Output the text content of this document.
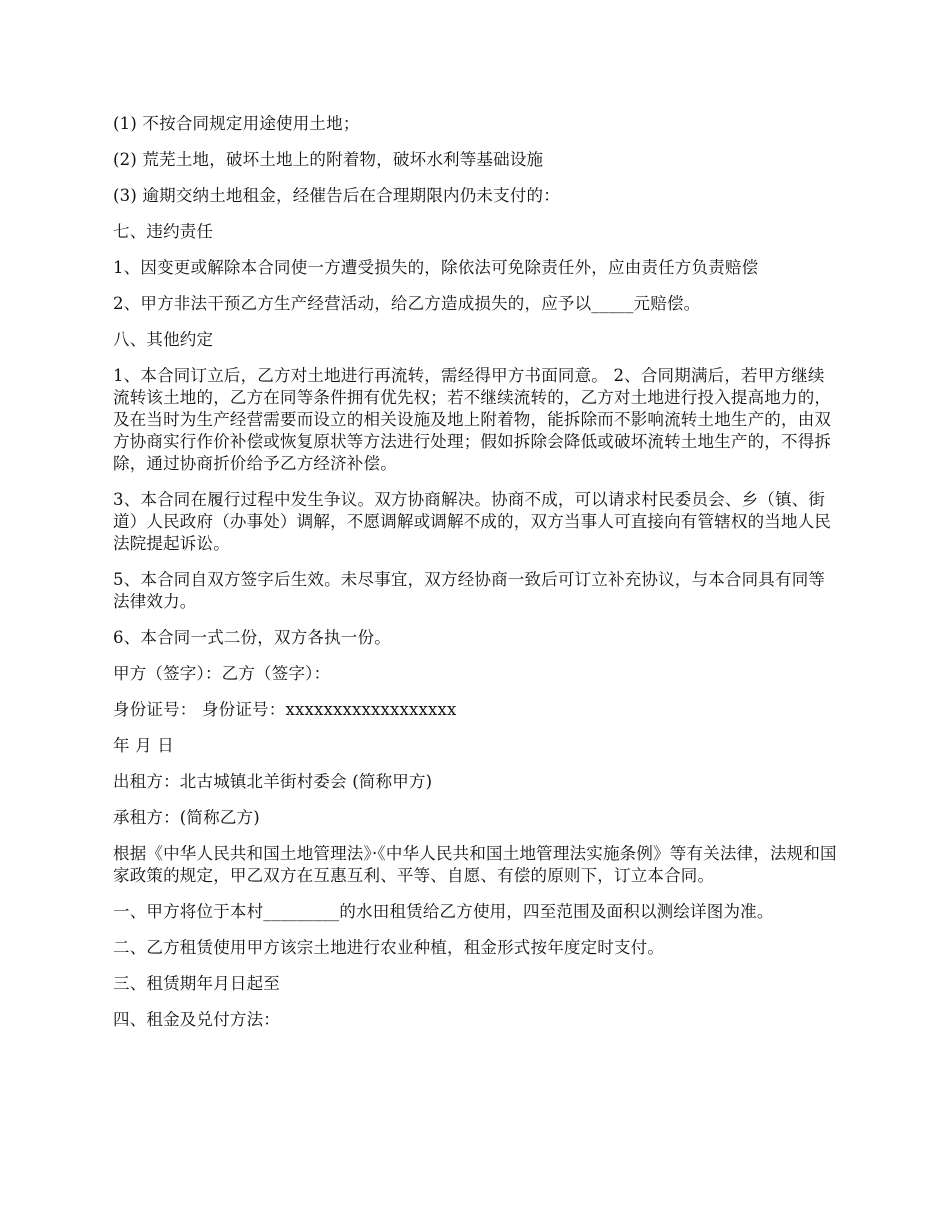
(1) 不按合同规定用途使用土地；

(2) 荒芜土地，破坏土地上的附着物，破坏水利等基础设施

(3) 逾期交纳土地租金，经催告后在合理期限内仍未支付的：

七、违约责任

1、因变更或解除本合同使一方遭受损失的，除依法可免除责任外，应由责任方负责赔偿

2、甲方非法干预乙方生产经营活动，给乙方造成损失的，应予以_____元赔偿。

八、其他约定

1、本合同订立后，乙方对土地进行再流转，需经得甲方书面同意。 2、合同期满后，若甲方继续流转该土地的，乙方在同等条件拥有优先权；若不继续流转的，乙方对土地进行投入提高地力的，及在当时为生产经营需要而设立的相关设施及地上附着物，能拆除而不影响流转土地生产的，由双方协商实行作价补偿或恢复原状等方法进行处理；假如拆除会降低或破坏流转土地生产的，不得拆除，通过协商折价给予乙方经济补偿。

3、本合同在履行过程中发生争议。双方协商解决。协商不成，可以请求村民委员会、乡（镇、街道）人民政府（办事处）调解，不愿调解或调解不成的，双方当事人可直接向有管辖权的当地人民法院提起诉讼。

5、本合同自双方签字后生效。未尽事宜，双方经协商一致后可订立补充协议，与本合同具有同等法律效力。

6、本合同一式二份，双方各执一份。

甲方（签字）：乙方（签字）：

身份证号： 身份证号：xxxxxxxxxxxxxxxxxx

年 月 日

出租方：北古城镇北羊街村委会 (简称甲方)

承租方：(简称乙方)

根据《中华人民共和国土地管理法》·《中华人民共和国土地管理法实施条例》等有关法律，法规和国家政策的规定，甲乙双方在互惠互利、平等、自愿、有偿的原则下，订立本合同。

一、甲方将位于本村_________的水田租赁给乙方使用，四至范围及面积以测绘详图为准。

二、乙方租赁使用甲方该宗土地进行农业种植，租金形式按年度定时支付。

三、租赁期年月日起至

四、租金及兑付方法：
